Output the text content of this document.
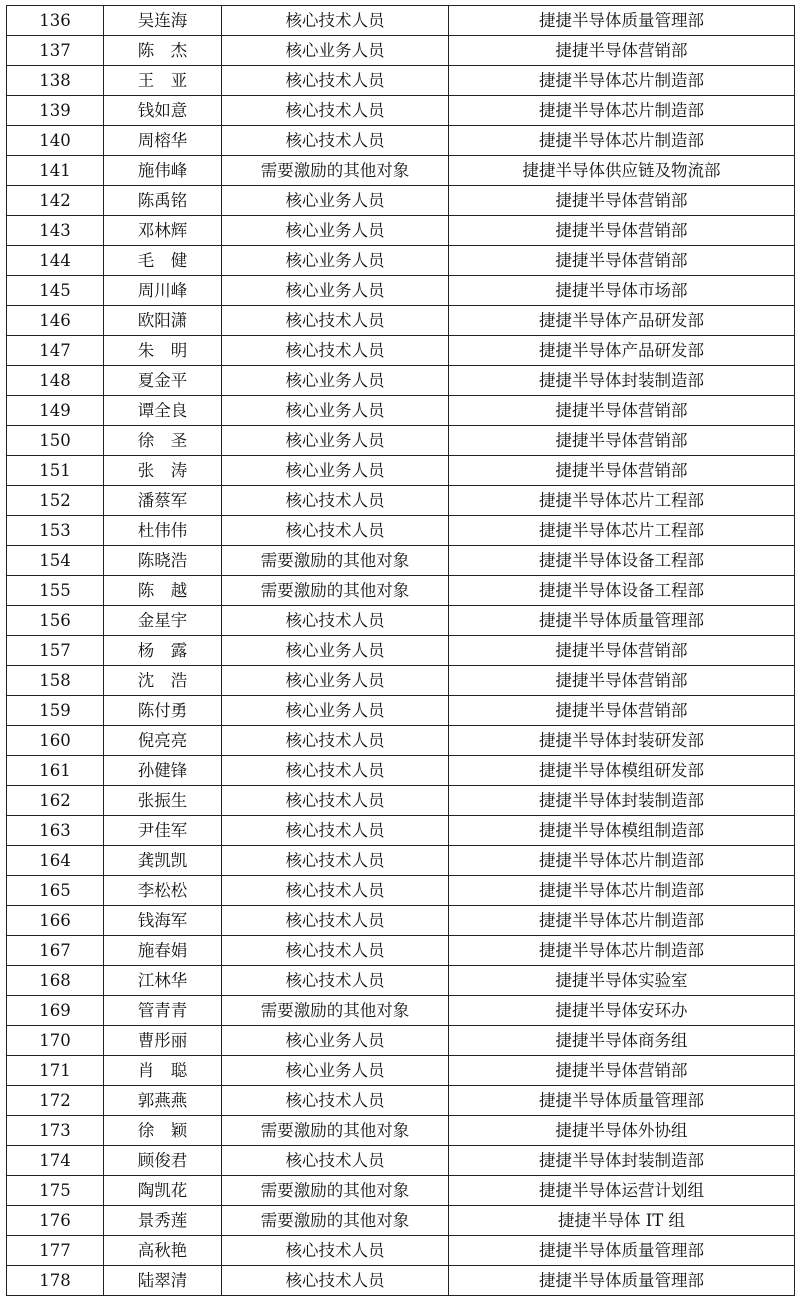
136	吴连海	核心技术人员	捷捷半导体质量管理部
137	陈　杰	核心业务人员	捷捷半导体营销部
138	王　亚	核心技术人员	捷捷半导体芯片制造部
139	钱如意	核心技术人员	捷捷半导体芯片制造部
140	周榕华	核心技术人员	捷捷半导体芯片制造部
141	施伟峰	需要激励的其他对象	捷捷半导体供应链及物流部
142	陈禹铭	核心业务人员	捷捷半导体营销部
143	邓林辉	核心业务人员	捷捷半导体营销部
144	毛　健	核心业务人员	捷捷半导体营销部
145	周川峰	核心业务人员	捷捷半导体市场部
146	欧阳潇	核心技术人员	捷捷半导体产品研发部
147	朱　明	核心技术人员	捷捷半导体产品研发部
148	夏金平	核心业务人员	捷捷半导体封装制造部
149	谭全良	核心业务人员	捷捷半导体营销部
150	徐　圣	核心业务人员	捷捷半导体营销部
151	张　涛	核心业务人员	捷捷半导体营销部
152	潘蔡军	核心技术人员	捷捷半导体芯片工程部
153	杜伟伟	核心技术人员	捷捷半导体芯片工程部
154	陈晓浩	需要激励的其他对象	捷捷半导体设备工程部
155	陈　越	需要激励的其他对象	捷捷半导体设备工程部
156	金星宇	核心技术人员	捷捷半导体质量管理部
157	杨　露	核心业务人员	捷捷半导体营销部
158	沈　浩	核心业务人员	捷捷半导体营销部
159	陈付勇	核心业务人员	捷捷半导体营销部
160	倪亮亮	核心技术人员	捷捷半导体封装研发部
161	孙健锋	核心技术人员	捷捷半导体模组研发部
162	张振生	核心技术人员	捷捷半导体封装制造部
163	尹佳军	核心技术人员	捷捷半导体模组制造部
164	龚凯凯	核心技术人员	捷捷半导体芯片制造部
165	李松松	核心技术人员	捷捷半导体芯片制造部
166	钱海军	核心技术人员	捷捷半导体芯片制造部
167	施春娟	核心技术人员	捷捷半导体芯片制造部
168	江林华	核心技术人员	捷捷半导体实验室
169	管青青	需要激励的其他对象	捷捷半导体安环办
170	曹彤丽	核心业务人员	捷捷半导体商务组
171	肖　聪	核心业务人员	捷捷半导体营销部
172	郭燕燕	核心技术人员	捷捷半导体质量管理部
173	徐　颖	需要激励的其他对象	捷捷半导体外协组
174	顾俊君	核心技术人员	捷捷半导体封装制造部
175	陶凯花	需要激励的其他对象	捷捷半导体运营计划组
176	景秀莲	需要激励的其他对象	捷捷半导体 IT 组
177	高秋艳	核心技术人员	捷捷半导体质量管理部
178	陆翠清	核心技术人员	捷捷半导体质量管理部
